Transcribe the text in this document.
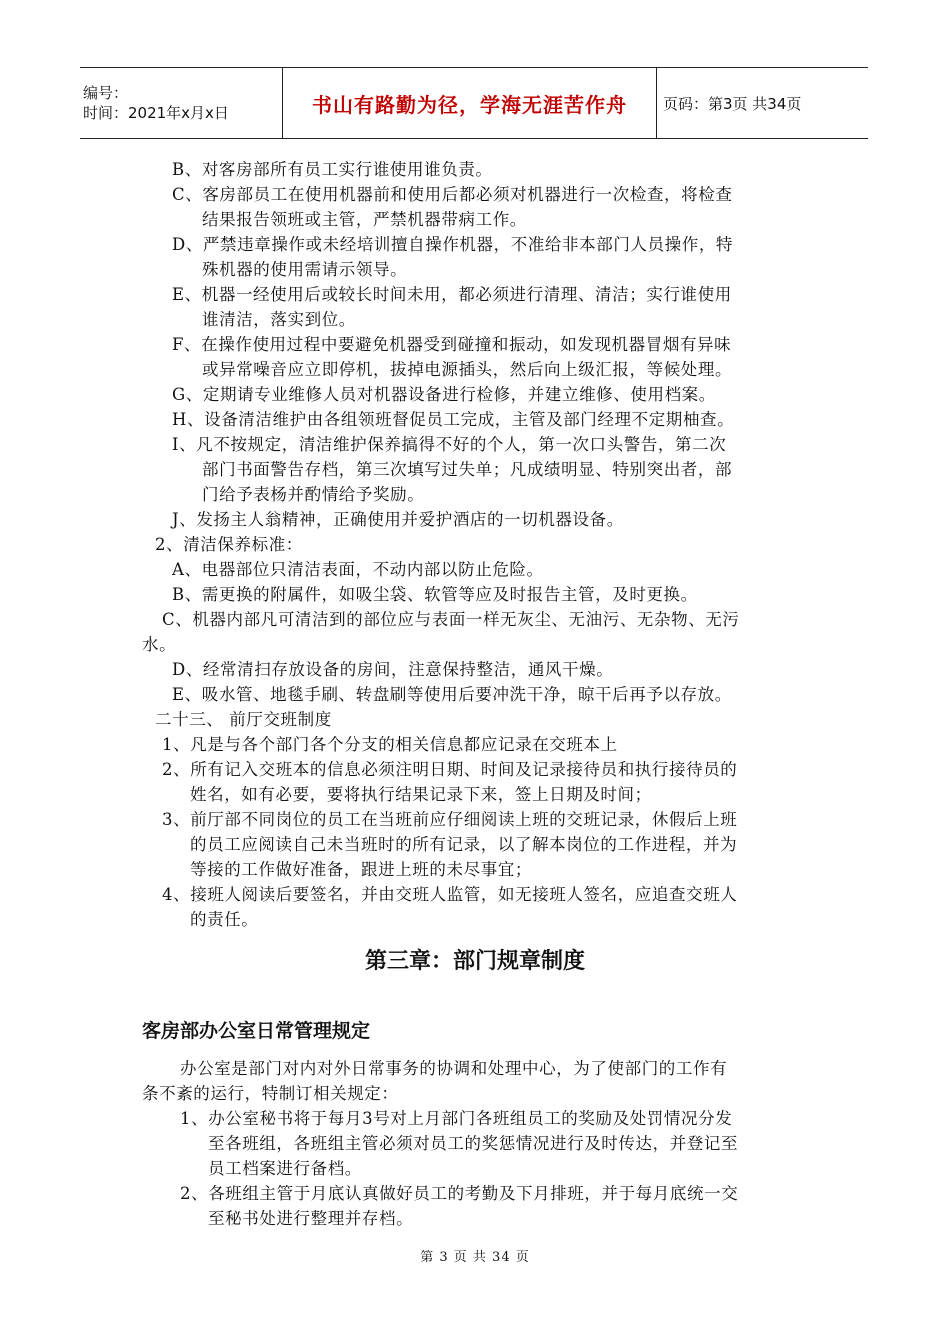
编号：
时间：2021年x月x日	书山有路勤为径，学海无涯苦作舟 页码：第3页 共34页
B、对客房部所有员工实行谁使用谁负责。
C、客房部员工在使用机器前和使用后都必须对机器进行一次检查，将检查
结果报告领班或主管，严禁机器带病工作。
D、严禁违章操作或未经培训擅自操作机器，不准给非本部门人员操作，特
殊机器的使用需请示领导。
E、机器一经使用后或较长时间未用，都必须进行清理、清洁；实行谁使用
谁清洁，落实到位。
F、在操作使用过程中要避免机器受到碰撞和振动，如发现机器冒烟有异味
或异常噪音应立即停机，拔掉电源插头，然后向上级汇报，等候处理。
G、定期请专业维修人员对机器设备进行检修，并建立维修、使用档案。
H、设备清洁维护由各组领班督促员工完成，主管及部门经理不定期柚查。
I、凡不按规定，清洁维护保养搞得不好的个人，第一次口头警告，第二次
部门书面警告存档，第三次填写过失单；凡成绩明显、特别突出者，部
门给予表杨并酌情给予奖励。
J、发扬主人翁精神，正确使用并爱护酒店的一切机器设备。
2、清洁保养标准：
A、电器部位只清洁表面，不动内部以防止危险。
B、需更换的附属件，如吸尘袋、软管等应及时报告主管，及时更换。
C、机器内部凡可清洁到的部位应与表面一样无灰尘、无油污、无杂物、无污
水。
D、经常清扫存放设备的房间，注意保持整洁，通风干燥。
E、吸水管、地毯手刷、转盘刷等使用后要冲洗干净，晾干后再予以存放。
二十三、 前厅交班制度
1、凡是与各个部门各个分支的相关信息都应记录在交班本上
2、所有记入交班本的信息必须注明日期、时间及记录接待员和执行接待员的
姓名，如有必要，要将执行结果记录下来，签上日期及时间；
3、前厅部不同岗位的员工在当班前应仔细阅读上班的交班记录，休假后上班
的员工应阅读自己未当班时的所有记录，以了解本岗位的工作进程，并为
等接的工作做好准备，跟进上班的未尽事宜；
4、接班人阅读后要签名，并由交班人监管，如无接班人签名，应追查交班人
的责任。
第三章：部门规章制度
客房部办公室日常管理规定
办公室是部门对内对外日常事务的协调和处理中心，为了使部门的工作有
条不紊的运行，特制订相关规定：
1、办公室秘书将于每月3号对上月部门各班组员工的奖励及处罚情况分发
至各班组，各班组主管必须对员工的奖惩情况进行及时传达，并登记至
员工档案进行备档。
2、各班组主管于月底认真做好员工的考勤及下月排班，并于每月底统一交
至秘书处进行整理并存档。
第 3 页 共 34 页
